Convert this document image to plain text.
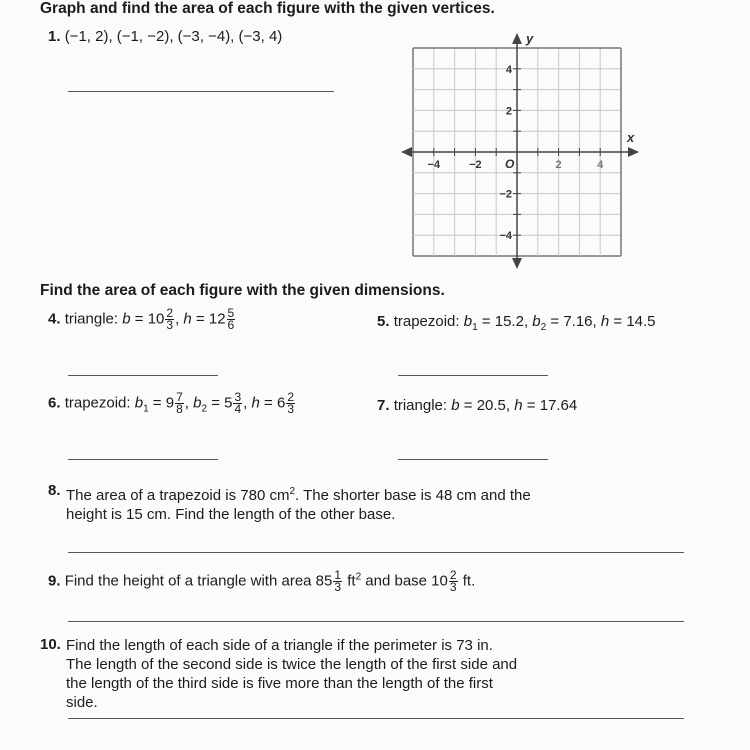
Graph and find the area of each figure with the given vertices.
1. (−1, 2), (−1, −2), (−3, −4), (−3, 4)
−4	−2	2	4
4
2
−2
−4
O
x
y
Find the area of each figure with the given dimensions.
4. triangle: $b = 10 \frac{2}{3}$ , $h = 12 \frac{5}{6}$	5. trapezoid: $b_1 = 15.2$, $b_2 = 7.16$, h = 14.5
6. trapezoid: $b_1 = 9 \frac{7}{8}$ , $b_2 = 5 \frac{3}{4}$ , $h = 6 \frac{2}{3}$	7. triangle: b = 20.5, h = 17.64
8. The area of a trapezoid is 780 $cm^2$. The shorter base is 48 cm and the height is 15 cm. Find the length of the other base.
9. Find the height of a triangle with area $85 \frac{1}{3} ft^2$ and base $10 \frac{2}{3}$ ft.
10. Find the length of each side of a triangle if the perimeter is 73 in. The length of the second side is twice the length of the first side and the length of the third side is five more than the length of the first side.
